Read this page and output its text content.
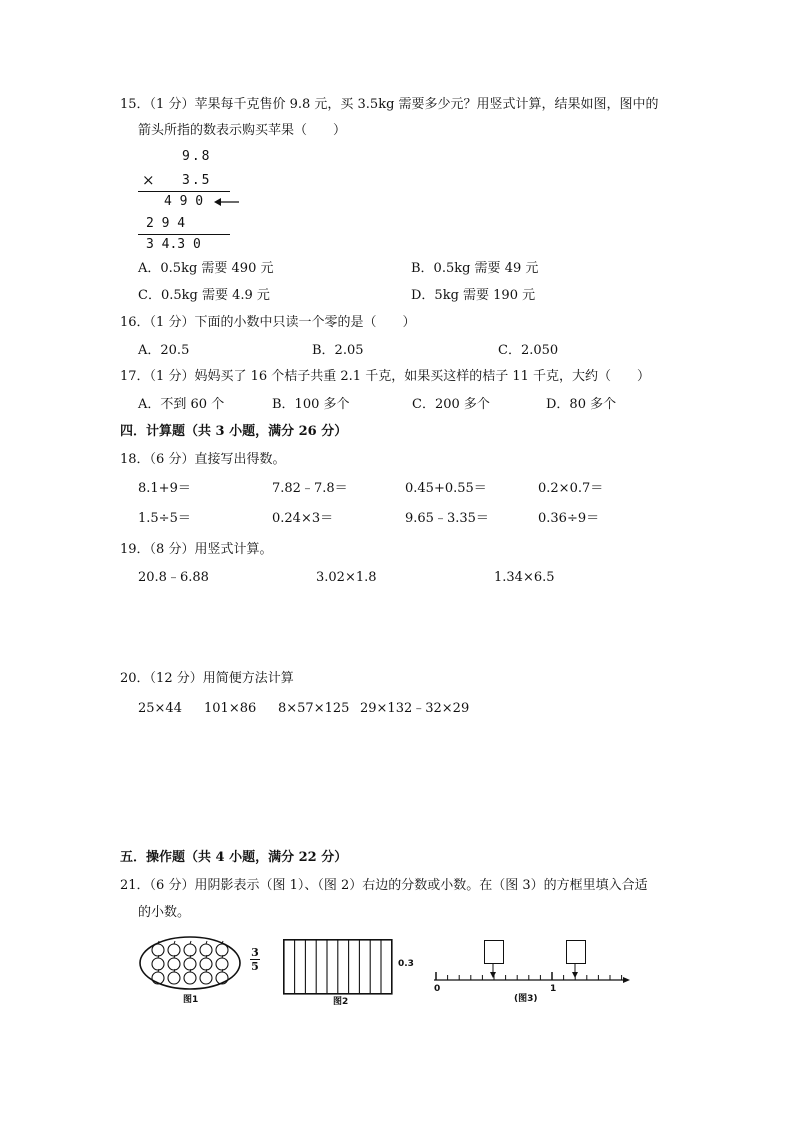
15．（1 分）苹果每千克售价 9.8 元，买 3.5kg 需要多少元？用竖式计算，结果如图，图中的
箭头所指的数表示购买苹果（　　）
9.8
× 3.5
4 9 0
2 9 4
3 4.3 0
A．0.5kg 需要 490 元	B．0.5kg 需要 49 元
C．0.5kg 需要 4.9 元	D．5kg 需要 190 元
16．（1 分）下面的小数中只读一个零的是（　　）
A．20.5	B．2.05	C．2.050
17．（1 分）妈妈买了 16 个桔子共重 2.1 千克，如果买这样的桔子 11 千克，大约（　　）
A．不到 60 个	B．100 多个	C．200 多个	D．80 多个
四．计算题（共 3 小题，满分 26 分）
18．（6 分）直接写出得数。
8.1+9＝	7.82﹣7.8＝	0.45+0.55＝	0.2×0.7＝
1.5÷5＝	0.24×3＝	9.65﹣3.35＝	0.36÷9＝
19．（8 分）用竖式计算。
20.8﹣6.88	3.02×1.8	1.34×6.5
20．（12 分）用简便方法计算
25×44 101×86 8×57×125 29×132﹣32×29
五．操作题（共 4 小题，满分 22 分）
21．（6 分）用阴影表示（图 1）、（图 2）右边的分数或小数。在（图 3）的方框里填入合适
的小数。
3
5
图1
0.3
图2
0	1
(图3)
